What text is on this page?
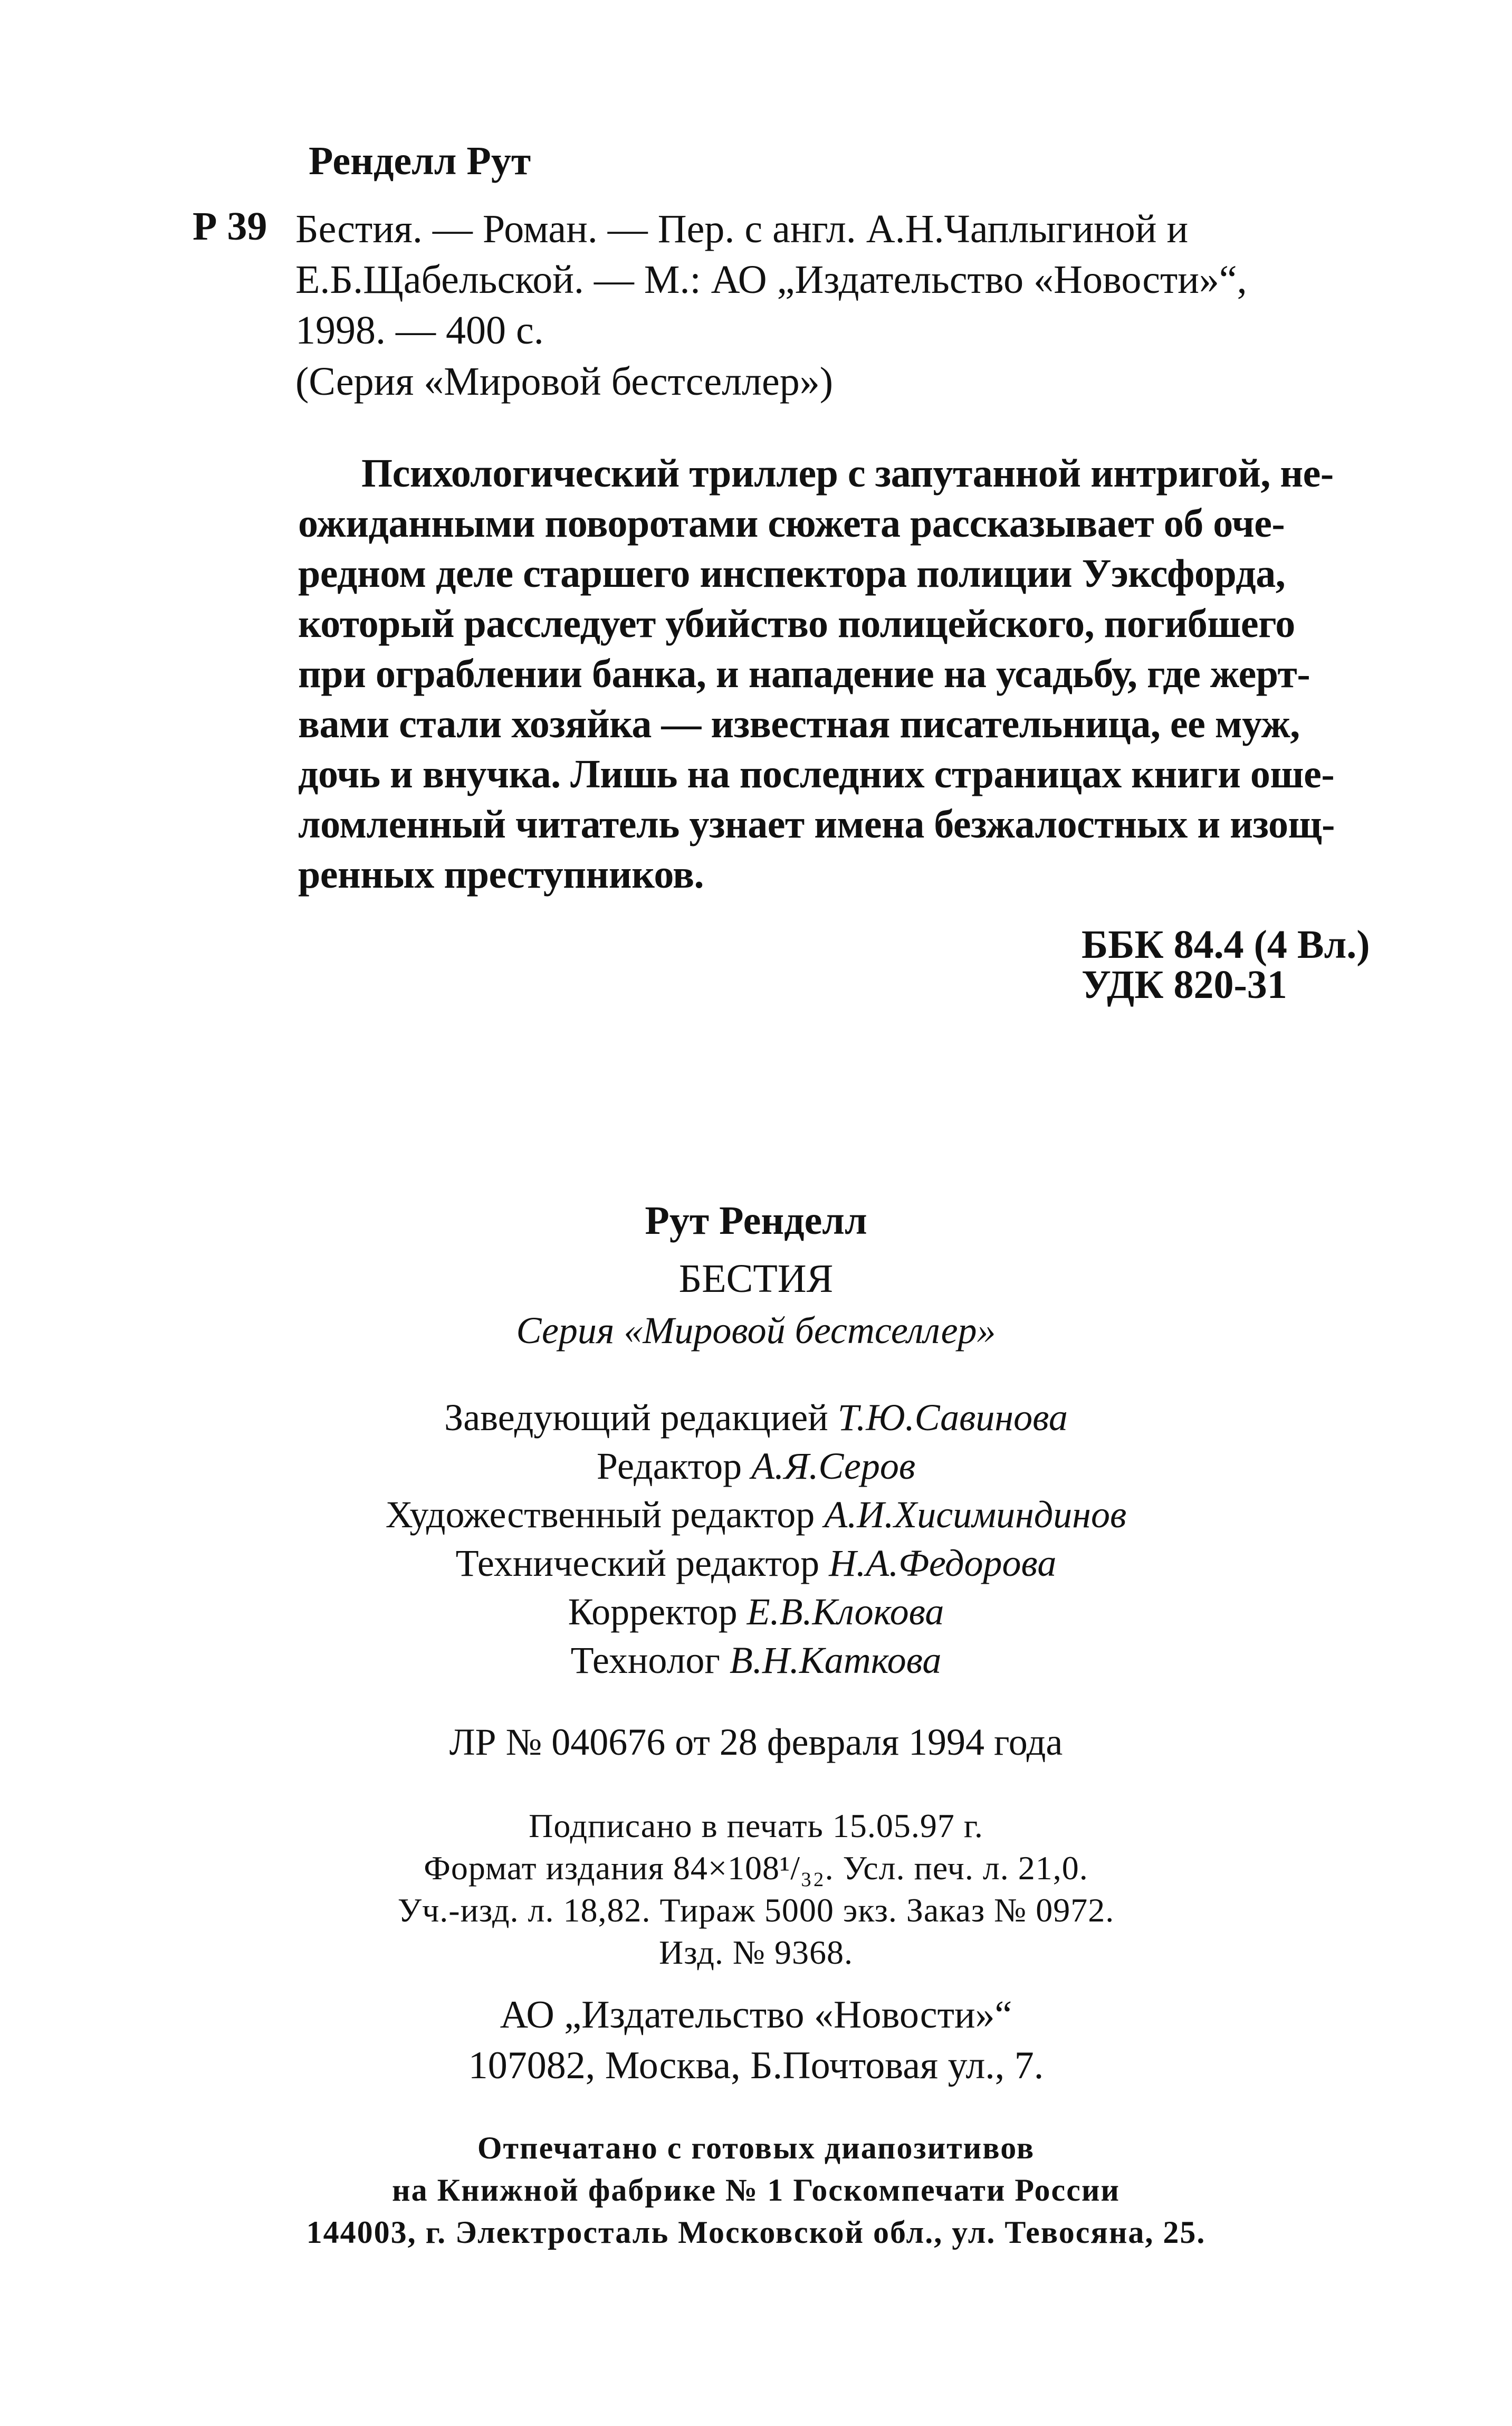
Ренделл Рут
Р 39 Бестия. — Роман. — Пер. с англ. А.Н.Чаплыгиной и
Е.Б.Щабельской. — М.: АО „Издательство «Новости»“,
1998. — 400 с.
(Серия «Мировой бестселлер»)
Психологический триллер с запутанной интригой, не-
ожиданными поворотами сюжета рассказывает об оче-
редном деле старшего инспектора полиции Уэксфорда,
который расследует убийство полицейского, погибшего
при ограблении банка, и нападение на усадьбу, где жерт-
вами стали хозяйка — известная писательница, ее муж,
дочь и внучка. Лишь на последних страницах книги оше-
ломленный читатель узнает имена безжалостных и изощ-
ренных преступников.
ББК 84.4 (4 Вл.)
УДК 820-31
Рут Ренделл
БЕСТИЯ
Серия «Мировой бестселлер»
Заведующий редакцией Т.Ю.Савинова
Редактор А.Я.Серов
Художественный редактор А.И.Хисиминдинов
Технический редактор Н.А.Федорова
Корректор Е.В.Клокова
Технолог В.Н.Каткова
ЛР № 040676 от 28 февраля 1994 года
Подписано в печать 15.05.97 г.
Формат издания 84×108¹/₃₂. Усл. печ. л. 21,0.
Уч.-изд. л. 18,82. Тираж 5000 экз. Заказ № 0972.
Изд. № 9368.
АО „Издательство «Новости»“
107082, Москва, Б.Почтовая ул., 7.
Отпечатано с готовых диапозитивов
на Книжной фабрике № 1 Госкомпечати России
144003, г. Электросталь Московской обл., ул. Тевосяна, 25.
